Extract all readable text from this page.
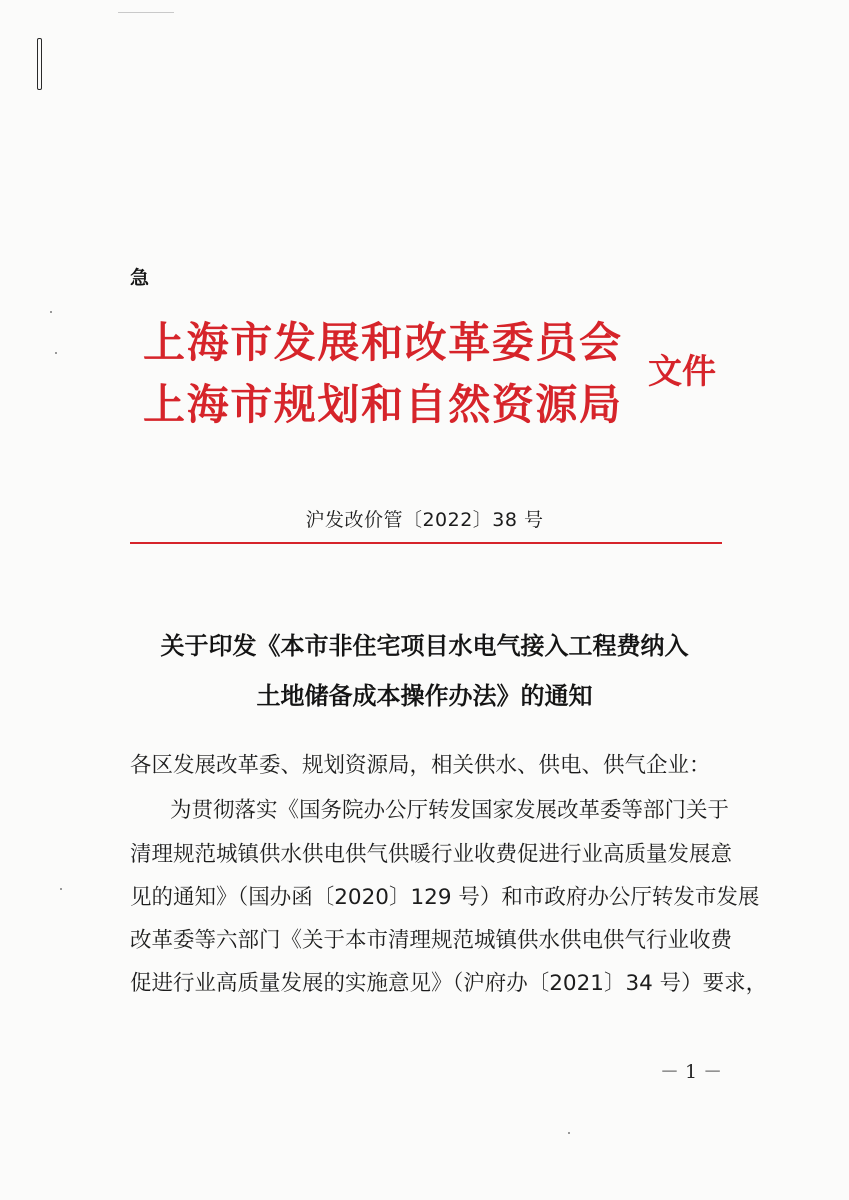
急
上海市发展和改革委员会
上海市规划和自然资源局
文件
沪发改价管〔2022〕38 号
关于印发《本市非住宅项目水电气接入工程费纳入
土地储备成本操作办法》的通知
各区发展改革委、规划资源局，相关供水、供电、供气企业：
为贯彻落实《国务院办公厅转发国家发展改革委等部门关于
清理规范城镇供水供电供气供暖行业收费促进行业高质量发展意
见的通知》（国办函〔2020〕129 号）和市政府办公厅转发市发展
改革委等六部门《关于本市清理规范城镇供水供电供气行业收费
促进行业高质量发展的实施意见》（沪府办〔2021〕34 号）要求，
－ 1 －
